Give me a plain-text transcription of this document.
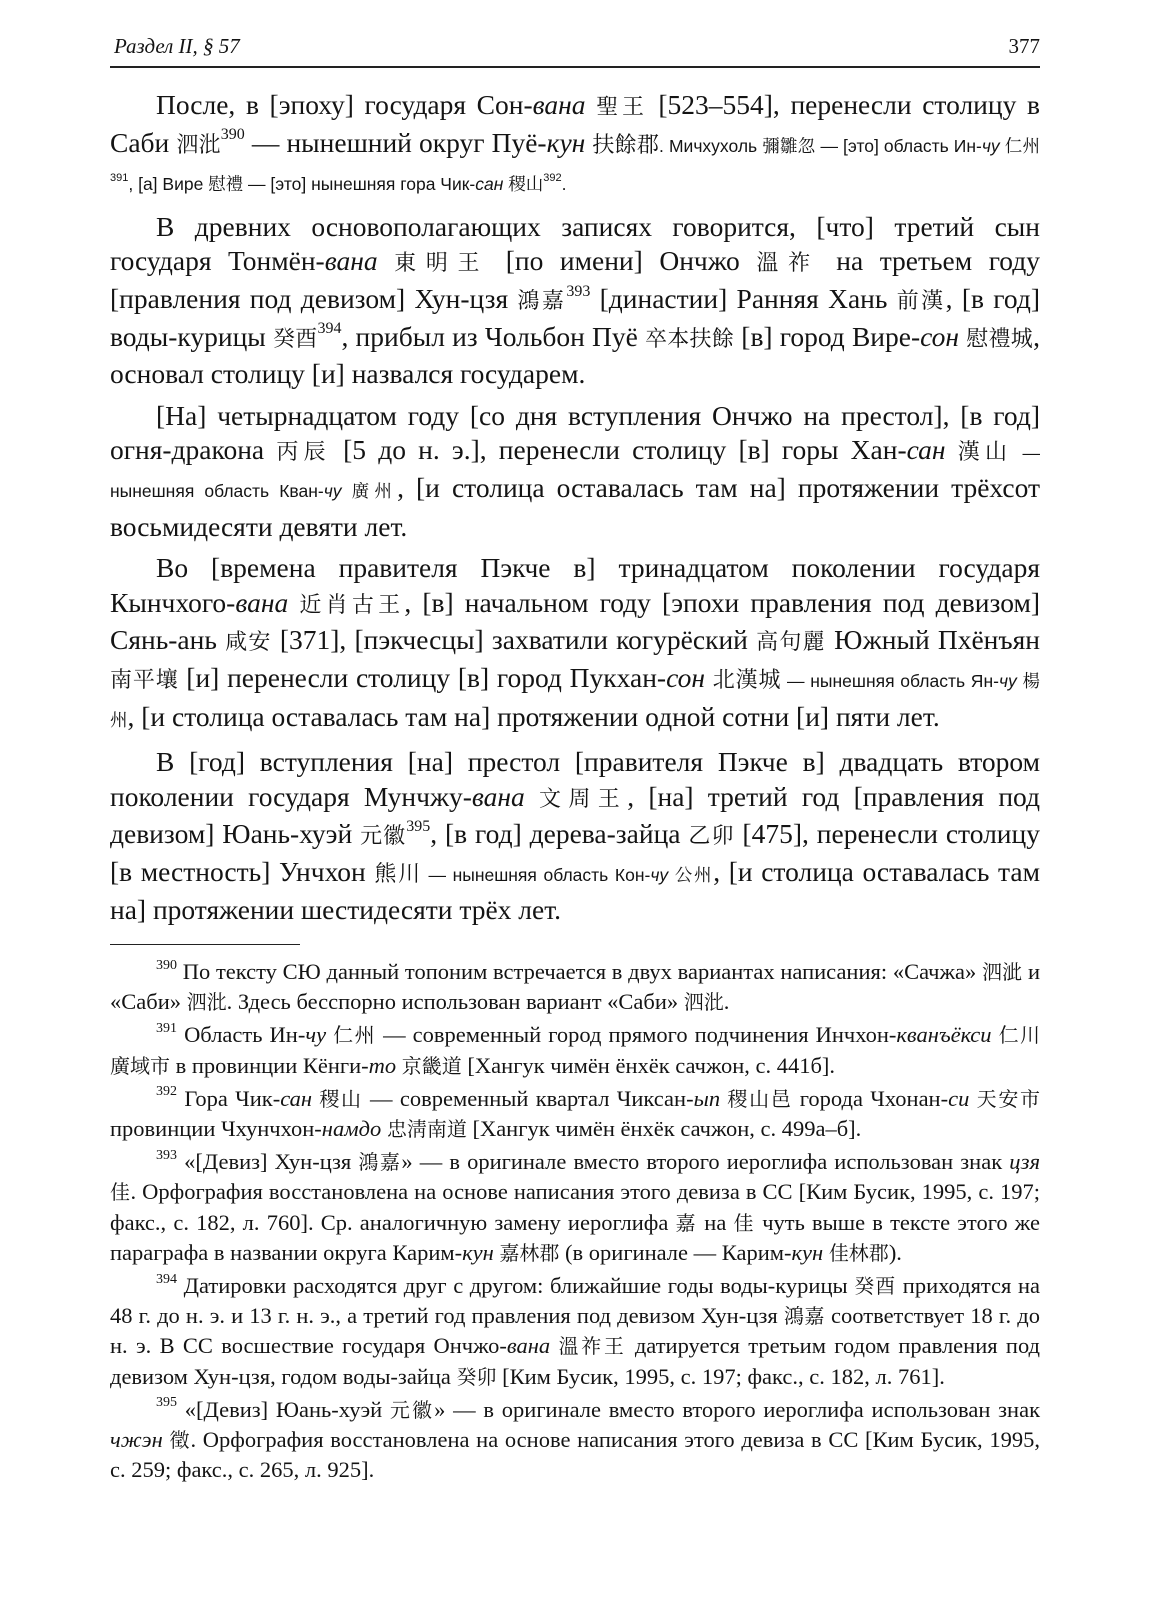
Раздел II, § 57	377

После, в [эпоху] государя Сон-вана 聖王 [523–554], перенесли столицу в Саби 泗沘$^{390}$ — нынешний округ Пуё-кун 扶餘郡. Мичхухоль 彌雛忽 — [это] область Ин-чу 仁州$^{391}$, [а] Вире 慰禮 — [это] нынешняя гора Чик-сан 稷山$^{392}$.

В древних основополагающих записях говорится, [что] третий сын государя Тонмён-вана 東明王 [по имени] Ончжо 溫祚 на третьем году [правления под девизом] Хун-цзя 鴻嘉$^{393}$ [династии] Ранняя Хань 前漢, [в год] воды-курицы 癸酉$^{394}$, прибыл из Чольбон Пуё 卒本扶餘 [в] город Вире-сон 慰禮城, основал столицу [и] назвался государем.

[На] четырнадцатом году [со дня вступления Ончжо на престол], [в год] огня-дракона 丙辰 [5 до н. э.], перенесли столицу [в] горы Хан-сан 漢山 — нынешняя область Кван-чу 廣州, [и столица оставалась там на] протяжении трёхсот восьмидесяти девяти лет.

Во [времена правителя Пэкче в] тринадцатом поколении государя Кынчхого-вана 近肖古王, [в] начальном году [эпохи правления под девизом] Сянь-ань 咸安 [371], [пэкчесцы] захватили когурёский 高句麗 Южный Пхёнъян 南平壤 [и] перенесли столицу [в] город Пукхан-сон 北漢城 — нынешняя область Ян-чу 楊州, [и столица оставалась там на] протяжении одной сотни [и] пяти лет.

В [год] вступления [на] престол [правителя Пэкче в] двадцать втором поколении государя Мунчжу-вана 文周王, [на] третий год [правления под девизом] Юань-хуэй 元徽$^{395}$, [в год] дерева-зайца 乙卯 [475], перенесли столицу [в местность] Унчхон 熊川 — нынешняя область Кон-чу 公州, [и столица оставалась там на] протяжении шестидесяти трёх лет.

$^{390}$ По тексту СЮ данный топоним встречается в двух вариантах написания: «Сачжа» 泗泚 и «Саби» 泗沘. Здесь бесспорно использован вариант «Саби» 泗沘.

$^{391}$ Область Ин-чу 仁州 — современный город прямого подчинения Инчхон-кванъёкси 仁川廣域市 в провинции Кёнги-то 京畿道 [Хангук чимён ёнхёк сачжон, с. 441б].

$^{392}$ Гора Чик-сан 稷山 — современный квартал Чиксан-ып 稷山邑 города Чхонан-си 天安市 провинции Чхунчхон-намдо 忠淸南道 [Хангук чимён ёнхёк сачжон, с. 499а–б].

$^{393}$ «[Девиз] Хун-цзя 鴻嘉» — в оригинале вместо второго иероглифа использован знак цзя 佳. Орфография восстановлена на основе написания этого девиза в СС [Ким Бусик, 1995, с. 197; факс., с. 182, л. 760]. Ср. аналогичную замену иероглифа 嘉 на 佳 чуть выше в тексте этого же параграфа в названии округа Карим-кун 嘉林郡 (в оригинале — Карим-кун 佳林郡).

$^{394}$ Датировки расходятся друг с другом: ближайшие годы воды-курицы 癸酉 приходятся на 48 г. до н. э. и 13 г. н. э., а третий год правления под девизом Хун-цзя 鴻嘉 соответствует 18 г. до н. э. В СС восшествие государя Ончжо-вана 溫祚王 датируется третьим годом правления под девизом Хун-цзя, годом воды-зайца 癸卯 [Ким Бусик, 1995, с. 197; факс., с. 182, л. 761].

$^{395}$ «[Девиз] Юань-хуэй 元徽» — в оригинале вместо второго иероглифа использован знак чжэн 徵. Орфография восстановлена на основе написания этого девиза в СС [Ким Бусик, 1995, с. 259; факс., с. 265, л. 925].
